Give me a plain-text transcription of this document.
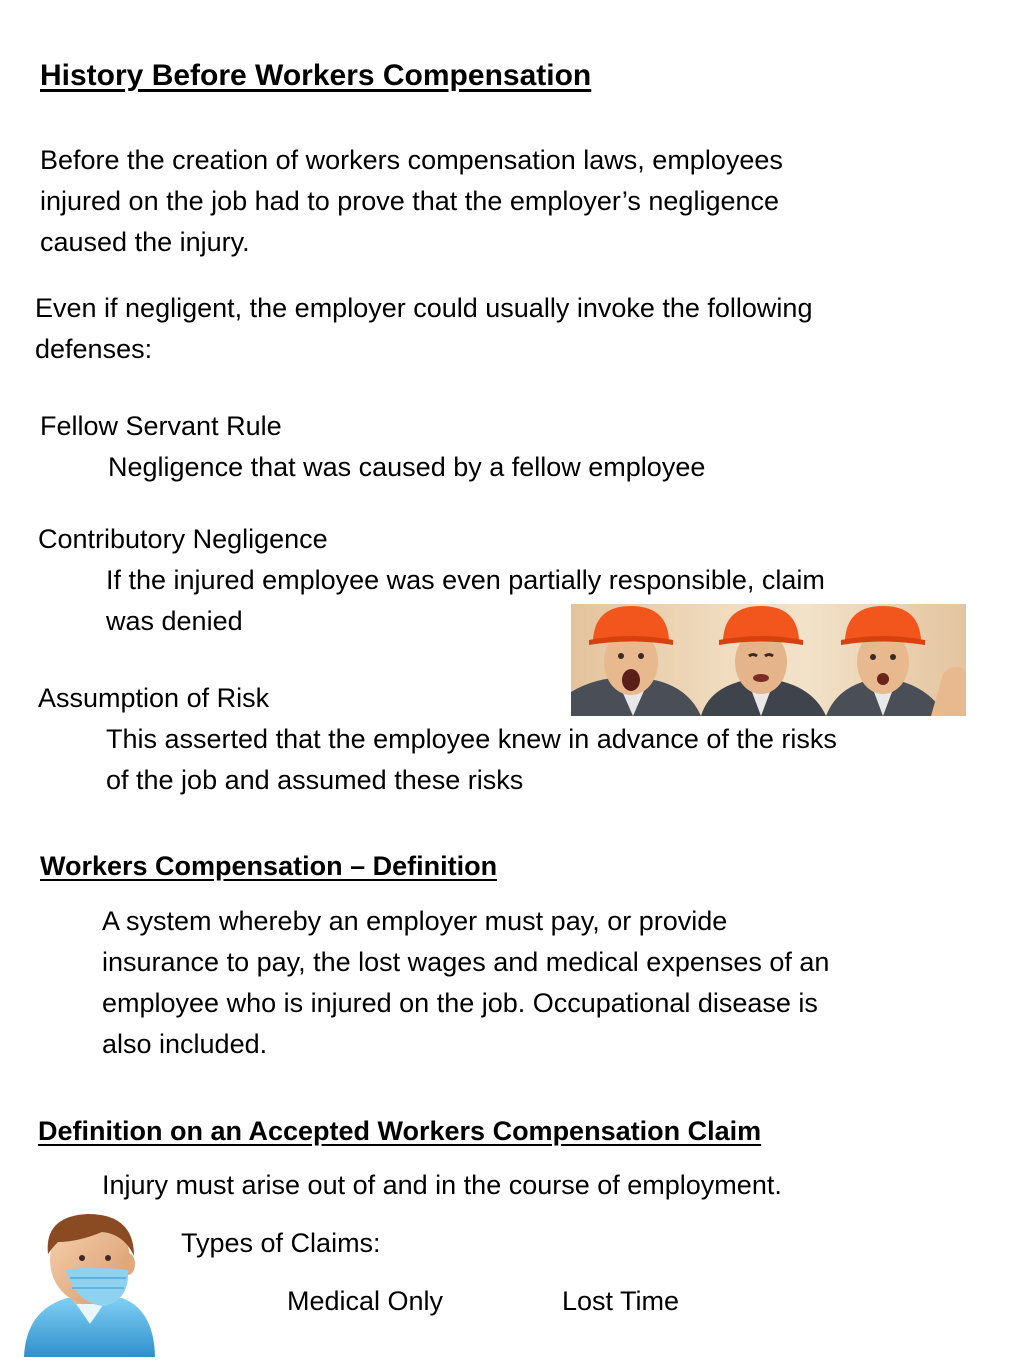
History Before Workers Compensation

Before the creation of workers compensation laws, employees

injured on the job had to prove that the employer’s negligence

caused the injury.

Even if negligent, the employer could usually invoke the following

defenses:

Fellow Servant Rule

Negligence that was caused by a fellow employee

Contributory Negligence

If the injured employee was even partially responsible, claim

was denied

Assumption of Risk

This asserted that the employee knew in advance of the risks

of the job and assumed these risks

Workers Compensation – Definition

A system whereby an employer must pay, or provide

insurance to pay, the lost wages and medical expenses of an

employee who is injured on the job. Occupational disease is

also included.

Definition on an Accepted Workers Compensation Claim

Injury must arise out of and in the course of employment.

Types of Claims:

Medical Only	Lost Time
